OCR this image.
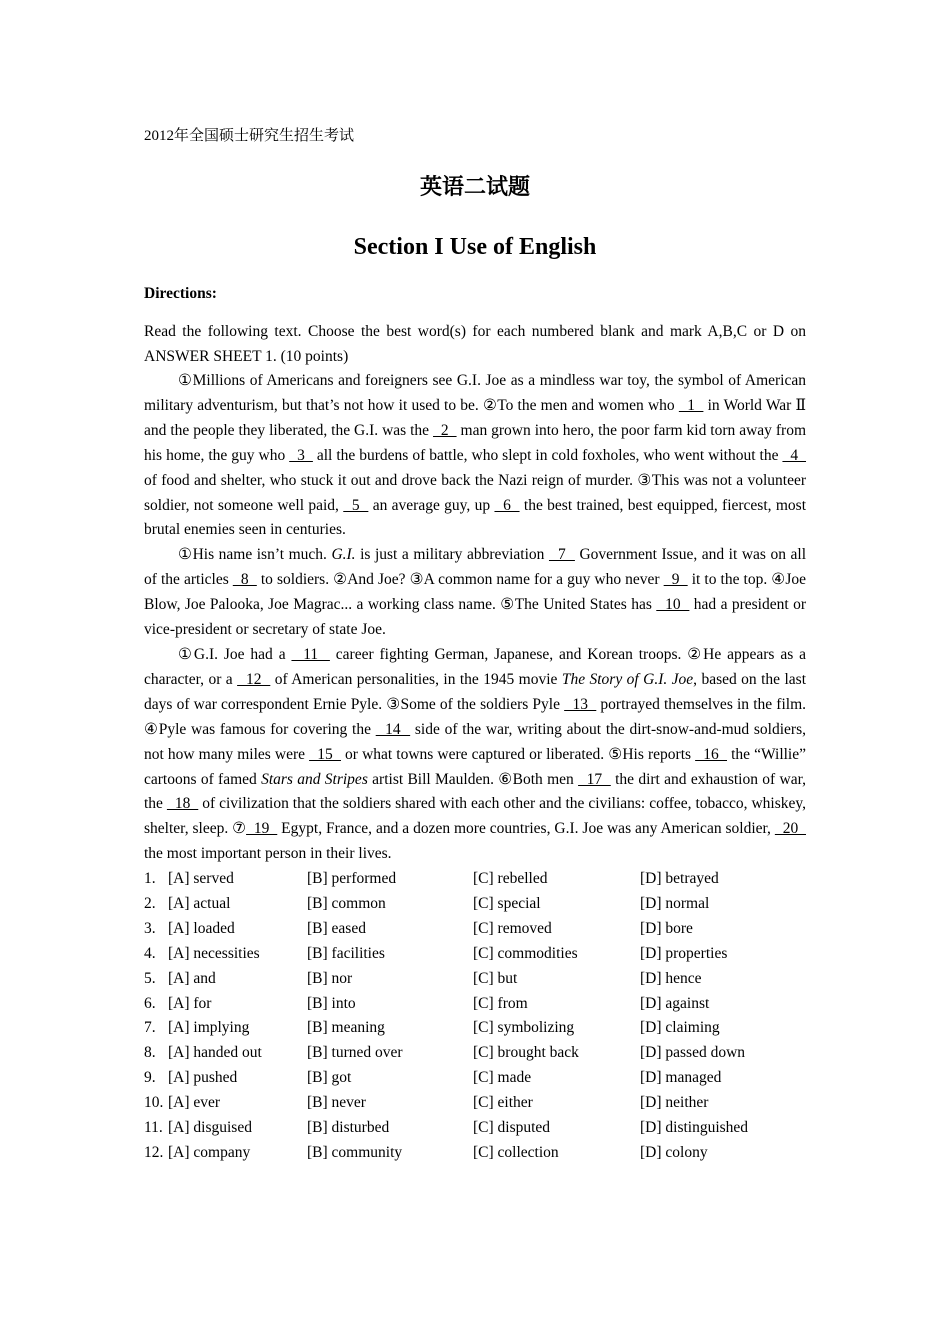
2012年全国硕士研究生招生考试
英语二试题
Section I Use of English
Directions:
Read the following text. Choose the best word(s) for each numbered blank and mark A,B,C or D on ANSWER SHEET 1. (10 points)
①Millions of Americans and foreigners see G.I. Joe as a mindless war toy, the symbol of American military adventurism, but that’s not how it used to be. ②To the men and women who   1   in World War Ⅱ and the people they liberated, the G.I. was the   2   man grown into hero, the poor farm kid torn away from his home, the guy who   3   all the burdens of battle, who slept in cold foxholes, who went without the   4   of food and shelter, who stuck it out and drove back the Nazi reign of murder. ③This was not a volunteer soldier, not someone well paid,   5   an average guy, up   6   the best trained, best equipped, fiercest, most brutal enemies seen in centuries.
①His name isn’t much. G.I. is just a military abbreviation   7   Government Issue, and it was on all of the articles   8   to soldiers. ②And Joe? ③A common name for a guy who never   9   it to the top. ④Joe Blow, Joe Palooka, Joe Magrac... a working class name. ⑤The United States has   10   had a president or vice-president or secretary of state Joe.
①G.I. Joe had a   11   career fighting German, Japanese, and Korean troops. ②He appears as a character, or a   12   of American personalities, in the 1945 movie The Story of G.I. Joe, based on the last days of war correspondent Ernie Pyle. ③Some of the soldiers Pyle   13   portrayed themselves in the film. ④Pyle was famous for covering the   14   side of the war, writing about the dirt-snow-and-mud soldiers, not how many miles were   15   or what towns were captured or liberated. ⑤His reports   16   the “Willie” cartoons of famed Stars and Stripes artist Bill Maulden. ⑥Both men   17   the dirt and exhaustion of war, the   18   of civilization that the soldiers shared with each other and the civilians: coffee, tobacco, whiskey, shelter, sleep. ⑦  19   Egypt, France, and a dozen more countries, G.I. Joe was any American soldier,   20   the most important person in their lives.
1. [A] served	[B] performed	[C] rebelled	[D] betrayed
2. [A] actual	[B] common	[C] special	[D] normal
3. [A] loaded	[B] eased	[C] removed	[D] bore
4. [A] necessities	[B] facilities	[C] commodities	[D] properties
5. [A] and	[B] nor	[C] but	[D] hence
6. [A] for	[B] into	[C] from	[D] against
7. [A] implying	[B] meaning	[C] symbolizing	[D] claiming
8. [A] handed out	[B] turned over	[C] brought back	[D] passed down
9. [A] pushed	[B] got	[C] made	[D] managed
10. [A] ever	[B] never	[C] either	[D] neither
11. [A] disguised	[B] disturbed	[C] disputed	[D] distinguished
12. [A] company	[B] community	[C] collection	[D] colony
